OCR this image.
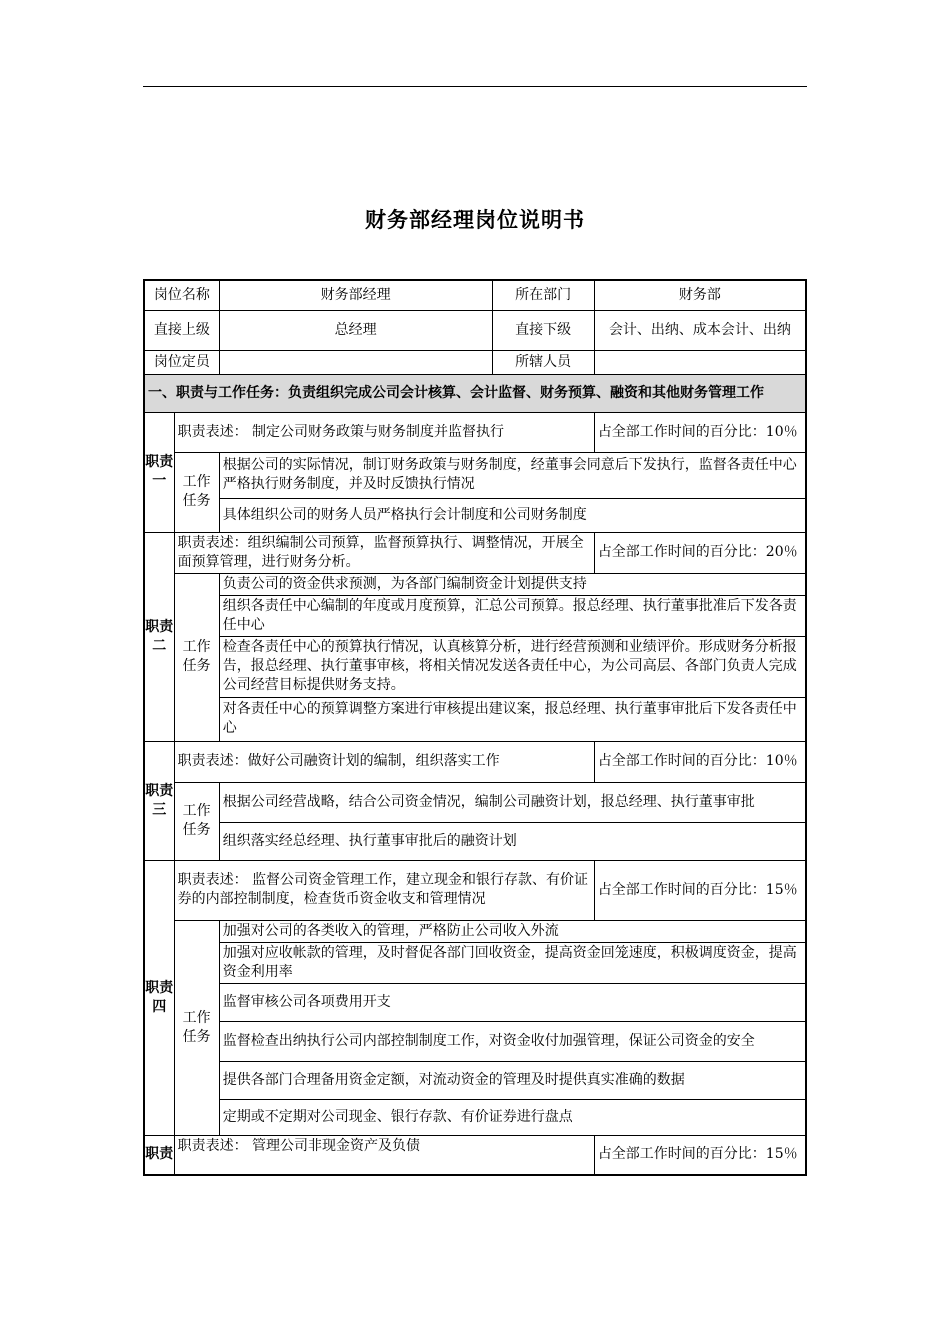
财务部经理岗位说明书
岗位名称		财务部经理	所在部门	财务部
直接上级		总经理	直接下级	会计、出纳、成本会计、出纳
岗位定员			所辖人员	
一、职责与工作任务：负责组织完成公司会计核算、会计监督、财务预算、融资和其他财务管理工作				
职责一	职责表述： 制定公司财务政策与财务制度并监督执行			占全部工作时间的百分比：10％
	工作任务	根据公司的实际情况，制订财务政策与财务制度，经董事会同意后下发执行，监督各责任中心严格执行财务制度，并及时反馈执行情况		
		具体组织公司的财务人员严格执行会计制度和公司财务制度		
职责二	职责表述：组织编制公司预算，监督预算执行、调整情况，开展全面预算管理，进行财务分析。			占全部工作时间的百分比：20％
	工作任务	负责公司的资金供求预测，为各部门编制资金计划提供支持		
		组织各责任中心编制的年度或月度预算，汇总公司预算。报总经理、执行董事批准后下发各责任中心		
		检查各责任中心的预算执行情况，认真核算分析，进行经营预测和业绩评价。形成财务分析报告，报总经理、执行董事审核，将相关情况发送各责任中心，为公司高层、各部门负责人完成公司经营目标提供财务支持。		
		对各责任中心的预算调整方案进行审核提出建议案，报总经理、执行董事审批后下发各责任中心		
职责三	职责表述：做好公司融资计划的编制，组织落实工作			占全部工作时间的百分比：10％
	工作任务	根据公司经营战略，结合公司资金情况，编制公司融资计划，报总经理、执行董事审批		
		组织落实经总经理、执行董事审批后的融资计划		
职责四	职责表述： 监督公司资金管理工作，建立现金和银行存款、有价证券的内部控制制度，检查货币资金收支和管理情况			占全部工作时间的百分比：15％
	工作任务	加强对公司的各类收入的管理，严格防止公司收入外流		
		加强对应收帐款的管理，及时督促各部门回收资金，提高资金回笼速度，积极调度资金，提高资金利用率		
		监督审核公司各项费用开支		
		监督检查出纳执行公司内部控制制度工作，对资金收付加强管理，保证公司资金的安全		
		提供各部门合理备用资金定额，对流动资金的管理及时提供真实准确的数据		
		定期或不定期对公司现金、银行存款、有价证券进行盘点		
职责	职责表述： 管理公司非现金资产及负债			占全部工作时间的百分比：15％
